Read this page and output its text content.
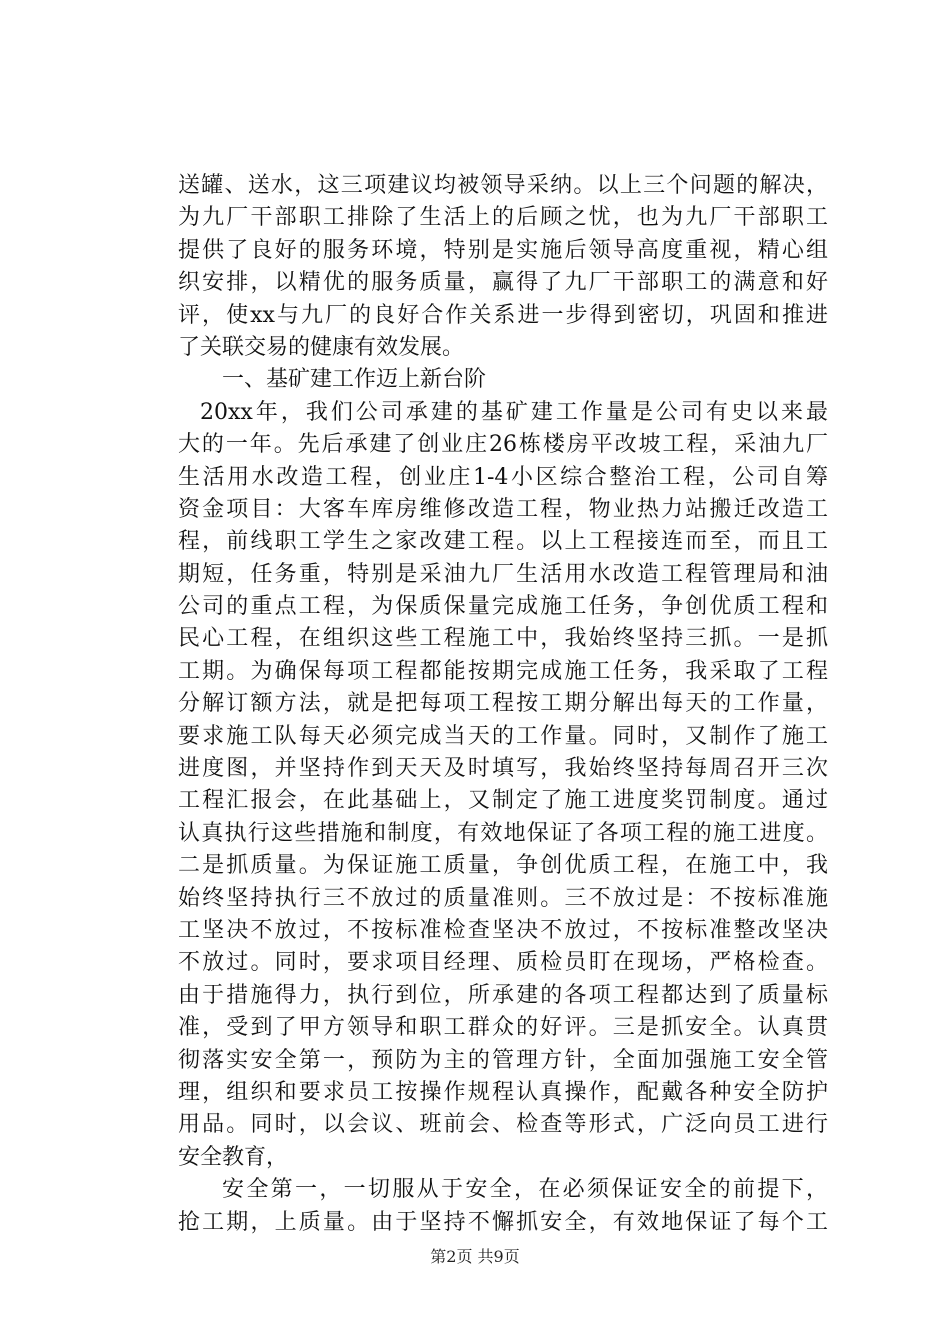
送罐、送水，这三项建议均被领导采纳。以上三个问题的解决，
为九厂干部职工排除了生活上的后顾之忧，也为九厂干部职工
提供了良好的服务环境，特别是实施后领导高度重视，精心组
织安排，以精优的服务质量，赢得了九厂干部职工的满意和好
评，使xx与九厂的良好合作关系进一步得到密切，巩固和推进
了关联交易的健康有效发展。
一、基矿建工作迈上新台阶
20xx年，我们公司承建的基矿建工作量是公司有史以来最
大的一年。先后承建了创业庄26栋楼房平改坡工程，采油九厂
生活用水改造工程，创业庄1-4小区综合整治工程，公司自筹
资金项目：大客车库房维修改造工程，物业热力站搬迁改造工
程，前线职工学生之家改建工程。以上工程接连而至，而且工
期短，任务重，特别是采油九厂生活用水改造工程管理局和油
公司的重点工程，为保质保量完成施工任务，争创优质工程和
民心工程，在组织这些工程施工中，我始终坚持三抓。一是抓
工期。为确保每项工程都能按期完成施工任务，我采取了工程
分解订额方法，就是把每项工程按工期分解出每天的工作量，
要求施工队每天必须完成当天的工作量。同时，又制作了施工
进度图，并坚持作到天天及时填写，我始终坚持每周召开三次
工程汇报会，在此基础上，又制定了施工进度奖罚制度。通过
认真执行这些措施和制度，有效地保证了各项工程的施工进度。
二是抓质量。为保证施工质量，争创优质工程，在施工中，我
始终坚持执行三不放过的质量准则。三不放过是：不按标准施
工坚决不放过，不按标准检查坚决不放过，不按标准整改坚决
不放过。同时，要求项目经理、质检员盯在现场，严格检查。
由于措施得力，执行到位，所承建的各项工程都达到了质量标
准，受到了甲方领导和职工群众的好评。三是抓安全。认真贯
彻落实安全第一，预防为主的管理方针，全面加强施工安全管
理，组织和要求员工按操作规程认真操作，配戴各种安全防护
用品。同时，以会议、班前会、检查等形式，广泛向员工进行
安全教育，
安全第一，一切服从于安全，在必须保证安全的前提下，
抢工期，上质量。由于坚持不懈抓安全，有效地保证了每个工
第2页 共9页
